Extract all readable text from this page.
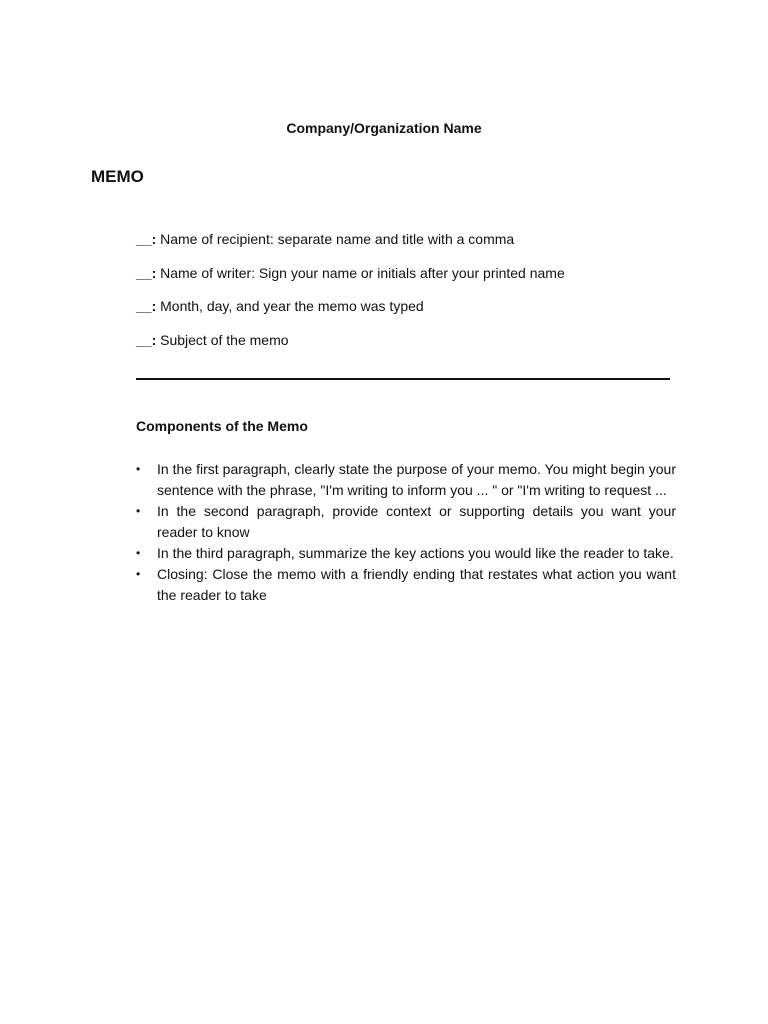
Company/Organization Name
MEMO
__: Name of recipient: separate name and title with a comma
__: Name of writer: Sign your name or initials after your printed name
__: Month, day, and year the memo was typed
__: Subject of the memo
Components of the Memo
• In the first paragraph, clearly state the purpose of your memo. You might begin your sentence with the phrase, "I'm writing to inform you ... " or "I'm writing to request ...
• In the second paragraph, provide context or supporting details you want your reader to know
• In the third paragraph, summarize the key actions you would like the reader to take.
• Closing: Close the memo with a friendly ending that restates what action you want the reader to take
